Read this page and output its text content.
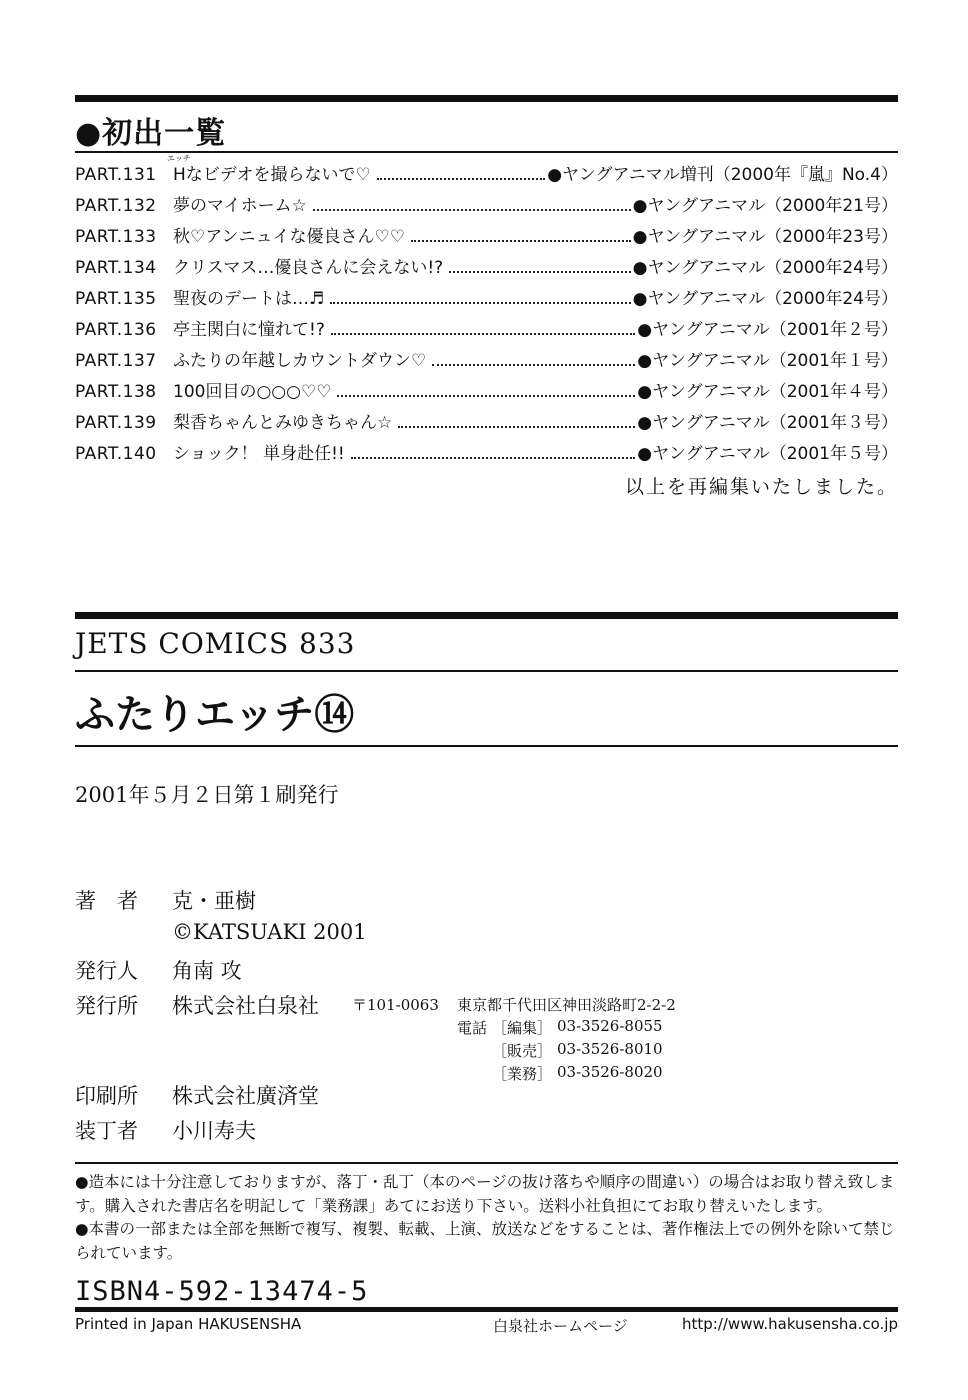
●初出一覧
エッチ
PART.131 Hなビデオを撮らないで♡	●ヤングアニマル増刊（2000年『嵐』No.4）
PART.132 夢のマイホーム☆	●ヤングアニマル（2000年21号）
PART.133 秋♡アンニュイな優良さん♡♡	●ヤングアニマル（2000年23号）
PART.134 クリスマス…優良さんに会えない!?	●ヤングアニマル（2000年24号）
PART.135 聖夜のデートは…♬	●ヤングアニマル（2000年24号）
PART.136 亭主関白に憧れて!?	●ヤングアニマル（2001年２号）
PART.137 ふたりの年越しカウントダウン♡	●ヤングアニマル（2001年１号）
PART.138 100回目の○○○♡♡	●ヤングアニマル（2001年４号）
PART.139 梨香ちゃんとみゆきちゃん☆	●ヤングアニマル（2001年３号）
PART.140 ショック！ 単身赴任!!	●ヤングアニマル（2001年５号）
以上を再編集いたしました。
JETS COMICS 833
ふたりエッチ⑭
2001年５月２日第１刷発行
著　者	克・亜樹
©KATSUAKI 2001
発行人	角南 攻
発行所	株式会社白泉社 〒101-0063 東京都千代田区神田淡路町2-2-2
電話 ［編集］ 03-3526-8055
［販売］ 03-3526-8010
［業務］ 03-3526-8020
印刷所	株式会社廣済堂
装丁者	小川寿夫
●造本には十分注意しておりますが、落丁・乱丁（本のページの抜け落ちや順序の間違い）の場合はお取り替え致します。購入された書店名を明記して「業務課」あてにお送り下さい。送料小社負担にてお取り替えいたします。
●本書の一部または全部を無断で複写、複製、転載、上演、放送などをすることは、著作権法上での例外を除いて禁じられています。
ISBN4-592-13474-5
Printed in Japan HAKUSENSHA	白泉社ホームページ	http://www.hakusensha.co.jp
